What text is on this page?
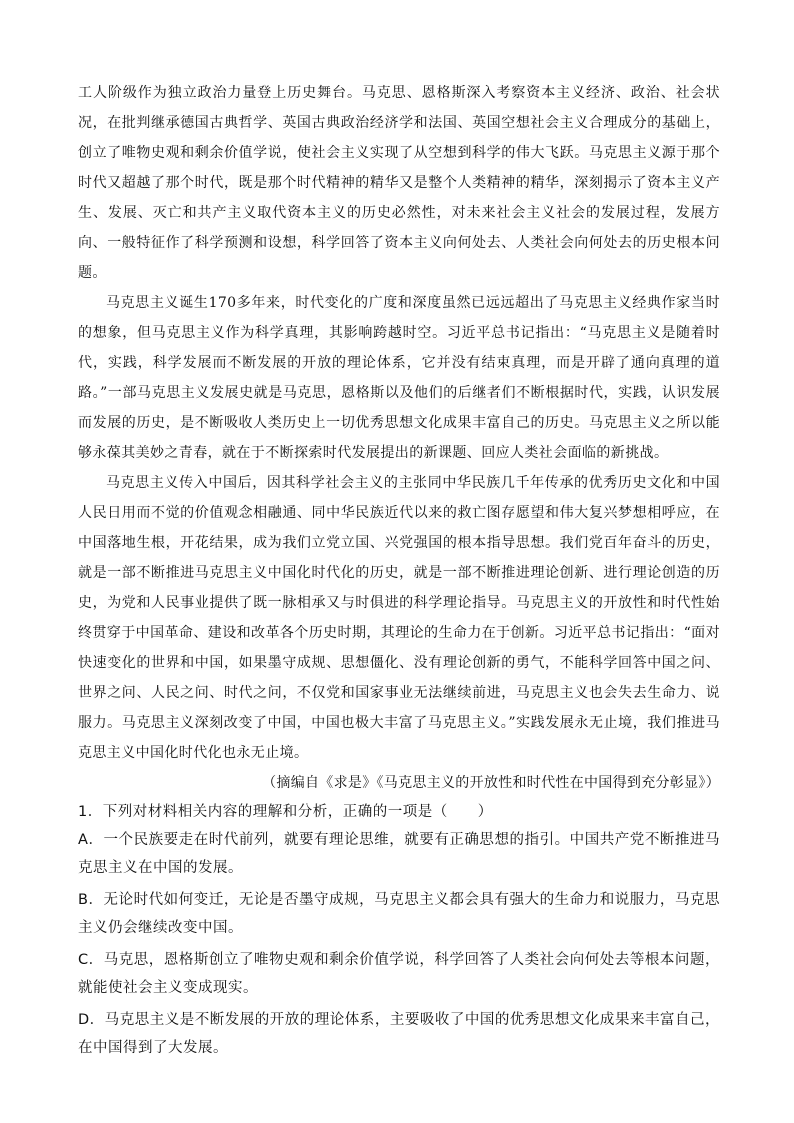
工人阶级作为独立政治力量登上历史舞台。马克思、恩格斯深入考察资本主义经济、政治、社会状况，在批判继承德国古典哲学、英国古典政治经济学和法国、英国空想社会主义合理成分的基础上，创立了唯物史观和剩余价值学说，使社会主义实现了从空想到科学的伟大飞跃。马克思主义源于那个时代又超越了那个时代，既是那个时代精神的精华又是整个人类精神的精华，深刻揭示了资本主义产生、发展、灭亡和共产主义取代资本主义的历史必然性，对未来社会主义社会的发展过程，发展方向、一般特征作了科学预测和设想，科学回答了资本主义向何处去、人类社会向何处去的历史根本问题。

马克思主义诞生170多年来，时代变化的广度和深度虽然已远远超出了马克思主义经典作家当时的想象，但马克思主义作为科学真理，其影响跨越时空。习近平总书记指出：“马克思主义是随着时代，实践，科学发展而不断发展的开放的理论体系，它并没有结束真理，而是开辟了通向真理的道路。”一部马克思主义发展史就是马克思，恩格斯以及他们的后继者们不断根据时代，实践，认识发展而发展的历史，是不断吸收人类历史上一切优秀思想文化成果丰富自己的历史。马克思主义之所以能够永葆其美妙之青春，就在于不断探索时代发展提出的新课题、回应人类社会面临的新挑战。

马克思主义传入中国后，因其科学社会主义的主张同中华民族几千年传承的优秀历史文化和中国人民日用而不觉的价值观念相融通、同中华民族近代以来的救亡图存愿望和伟大复兴梦想相呼应，在中国落地生根，开花结果，成为我们立党立国、兴党强国的根本指导思想。我们党百年奋斗的历史，就是一部不断推进马克思主义中国化时代化的历史，就是一部不断推进理论创新、进行理论创造的历史，为党和人民事业提供了既一脉相承又与时俱进的科学理论指导。马克思主义的开放性和时代性始终贯穿于中国革命、建设和改革各个历史时期，其理论的生命力在于创新。习近平总书记指出：“面对快速变化的世界和中国，如果墨守成规、思想僵化、没有理论创新的勇气，不能科学回答中国之问、世界之问、人民之问、时代之问，不仅党和国家事业无法继续前进，马克思主义也会失去生命力、说服力。马克思主义深刻改变了中国，中国也极大丰富了马克思主义。”实践发展永无止境，我们推进马克思主义中国化时代化也永无止境。

（摘编自《求是》《马克思主义的开放性和时代性在中国得到充分彰显》）

1．下列对材料相关内容的理解和分析，正确的一项是（　　）

A．一个民族要走在时代前列，就要有理论思维，就要有正确思想的指引。中国共产党不断推进马克思主义在中国的发展。

B．无论时代如何变迁，无论是否墨守成规，马克思主义都会具有强大的生命力和说服力，马克思主义仍会继续改变中国。

C．马克思，恩格斯创立了唯物史观和剩余价值学说，科学回答了人类社会向何处去等根本问题，就能使社会主义变成现实。

D．马克思主义是不断发展的开放的理论体系，主要吸收了中国的优秀思想文化成果来丰富自己，在中国得到了大发展。
